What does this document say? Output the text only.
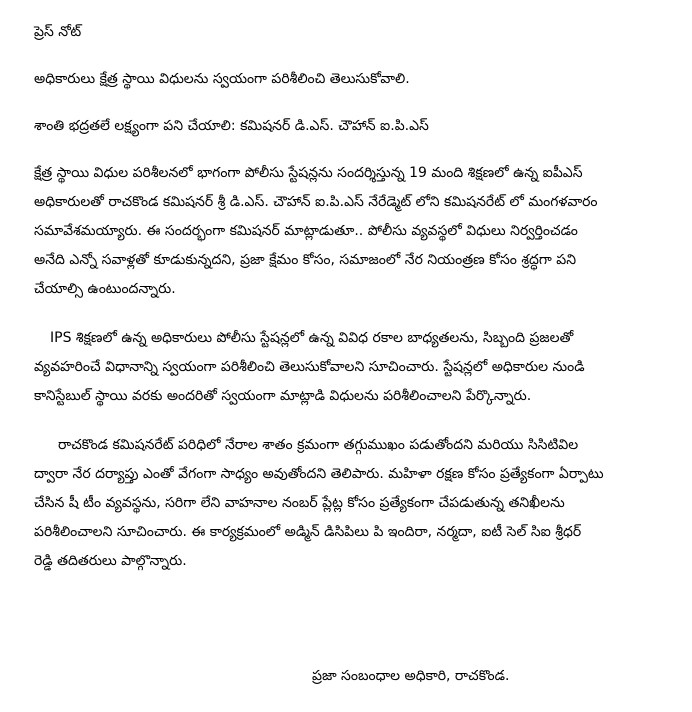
ప్రెస్ నోట్
అధికారులు క్షేత్ర స్థాయి విధులను స్వయంగా పరిశీలించి తెలుసుకోవాలి.
శాంతి భద్రతలే లక్ష్యంగా పని చేయాలి: కమిషనర్ డి.ఎస్. చౌహాన్ ఐ.పి.ఎస్
క్షేత్ర స్థాయి విధుల పరిశీలనలో భాగంగా పోలీసు స్టేషన్లను సందర్శిస్తున్న 19 మంది శిక్షణలో ఉన్న ఐపీఎస్
అధికారులతో రాచకొండ కమిషనర్ శ్రీ డి.ఎస్. చౌహాన్ ఐ.పి.ఎస్ నేరేడ్మెట్ లోని కమిషనరేట్ లో మంగళవారం
సమావేశమయ్యారు. ఈ సందర్భంగా కమిషనర్ మాట్లాడుతూ.. పోలీసు వ్యవస్థలో విధులు నిర్వర్తించడం
అనేది ఎన్నో సవాళ్లతో కూడుకున్నదని, ప్రజా క్షేమం కోసం, సమాజంలో నేర నియంత్రణ కోసం శ్రద్ధగా పని
చేయాల్సి ఉంటుందన్నారు.
IPS శిక్షణలో ఉన్న అధికారులు పోలీసు స్టేషన్లలో ఉన్న వివిధ రకాల బాధ్యతలను, సిబ్బంది ప్రజలతో
వ్యవహరించే విధానాన్ని స్వయంగా పరిశీలించి తెలుసుకోవాలని సూచించారు. స్టేషన్లలో అధికారుల నుండి
కానిస్టేబుల్ స్థాయి వరకు అందరితో స్వయంగా మాట్లాడి విధులను పరిశీలించాలని పేర్కొన్నారు.
రాచకొండ కమిషనరేట్ పరిధిలో నేరాల శాతం క్రమంగా తగ్గుముఖం పడుతోందని మరియు సిసిటివిల
ద్వారా నేర దర్యాప్తు ఎంతో వేగంగా సాధ్యం అవుతోందని తెలిపారు. మహిళా రక్షణ కోసం ప్రత్యేకంగా ఏర్పాటు
చేసిన షీ టీం వ్యవస్థను, సరిగా లేని వాహనాల నంబర్ ప్లేట్ల కోసం ప్రత్యేకంగా చేపడుతున్న తనిఖీలను
పరిశీలించాలని సూచించారు. ఈ కార్యక్రమంలో అడ్మిన్ డిసిపిలు పి ఇందిరా, నర్మదా, ఐటీ సెల్ సిఐ శ్రీధర్
రెడ్డి తదితరులు పాల్గొన్నారు.
ప్రజా సంబంధాల అధికారి, రాచకొండ.
